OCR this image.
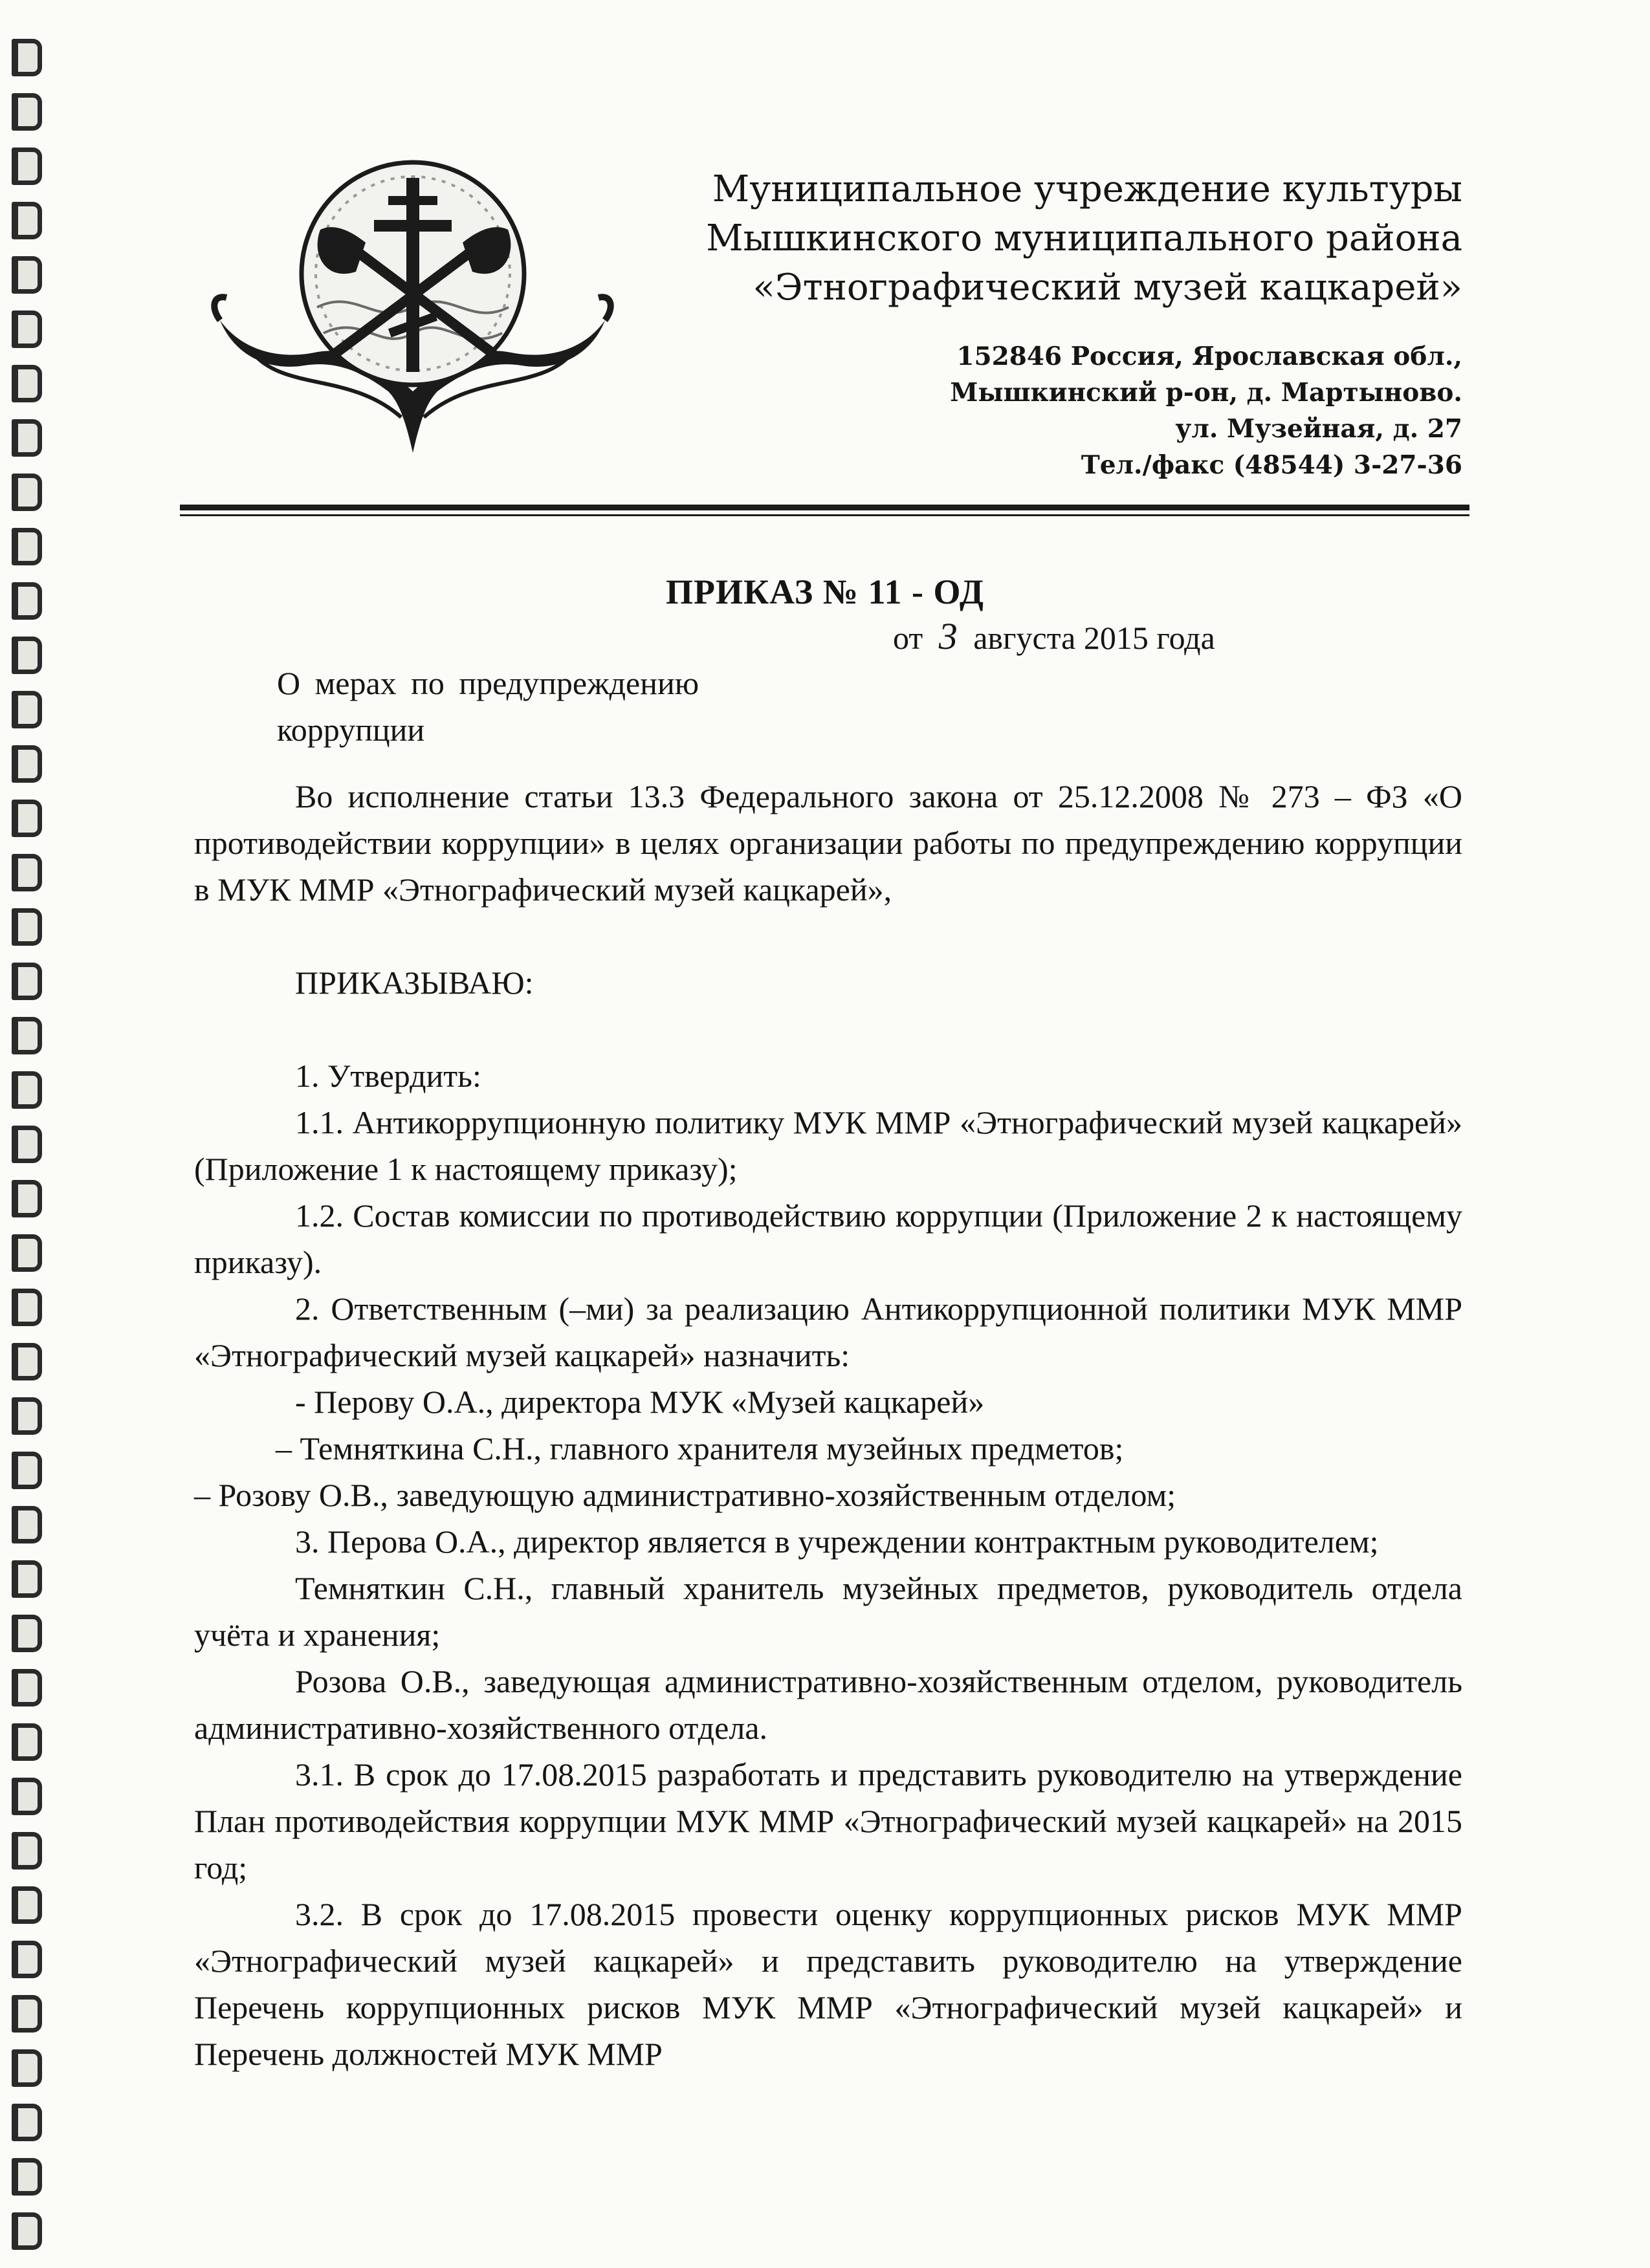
Муниципальное учреждение культуры
Мышкинского муниципального района
«Этнографический музей кацкарей»
152846 Россия, Ярославская обл.,
Мышкинский р-он, д. Мартыново.
ул. Музейная, д. 27
Тел./факс (48544) 3-27-36
ПРИКАЗ № 11 - ОД
от 3 августа 2015 года
О мерах по предупреждению
коррупции

Во исполнение статьи 13.3 Федерального закона от 25.12.2008 № 273 – ФЗ «О противодействии коррупции» в целях организации работы по предупреждению коррупции в МУК ММР «Этнографический музей кацкарей»,

ПРИКАЗЫВАЮ:

1. Утвердить:

1.1. Антикоррупционную политику МУК ММР «Этнографический музей кацкарей» (Приложение 1 к настоящему приказу);

1.2. Состав комиссии по противодействию коррупции (Приложение 2 к настоящему приказу).

2. Ответственным (–ми) за реализацию Антикоррупционной политики МУК ММР «Этнографический музей кацкарей» назначить:

- Перову О.А., директора МУК «Музей кацкарей»

– Темняткина С.Н., главного хранителя музейных предметов;

– Розову О.В., заведующую административно-хозяйственным отделом;

3. Перова О.А., директор является в учреждении контрактным руководителем;

Темняткин С.Н., главный хранитель музейных предметов, руководитель отдела учёта и хранения;

Розова О.В., заведующая административно-хозяйственным отделом, руководитель административно-хозяйственного отдела.

3.1. В срок до 17.08.2015 разработать и представить руководителю на утверждение План противодействия коррупции МУК ММР «Этнографический музей кацкарей» на 2015 год;

3.2. В срок до 17.08.2015 провести оценку коррупционных рисков МУК ММР «Этнографический музей кацкарей» и представить руководителю на утверждение Перечень коррупционных рисков МУК ММР «Этнографический музей кацкарей» и Перечень должностей МУК ММР
